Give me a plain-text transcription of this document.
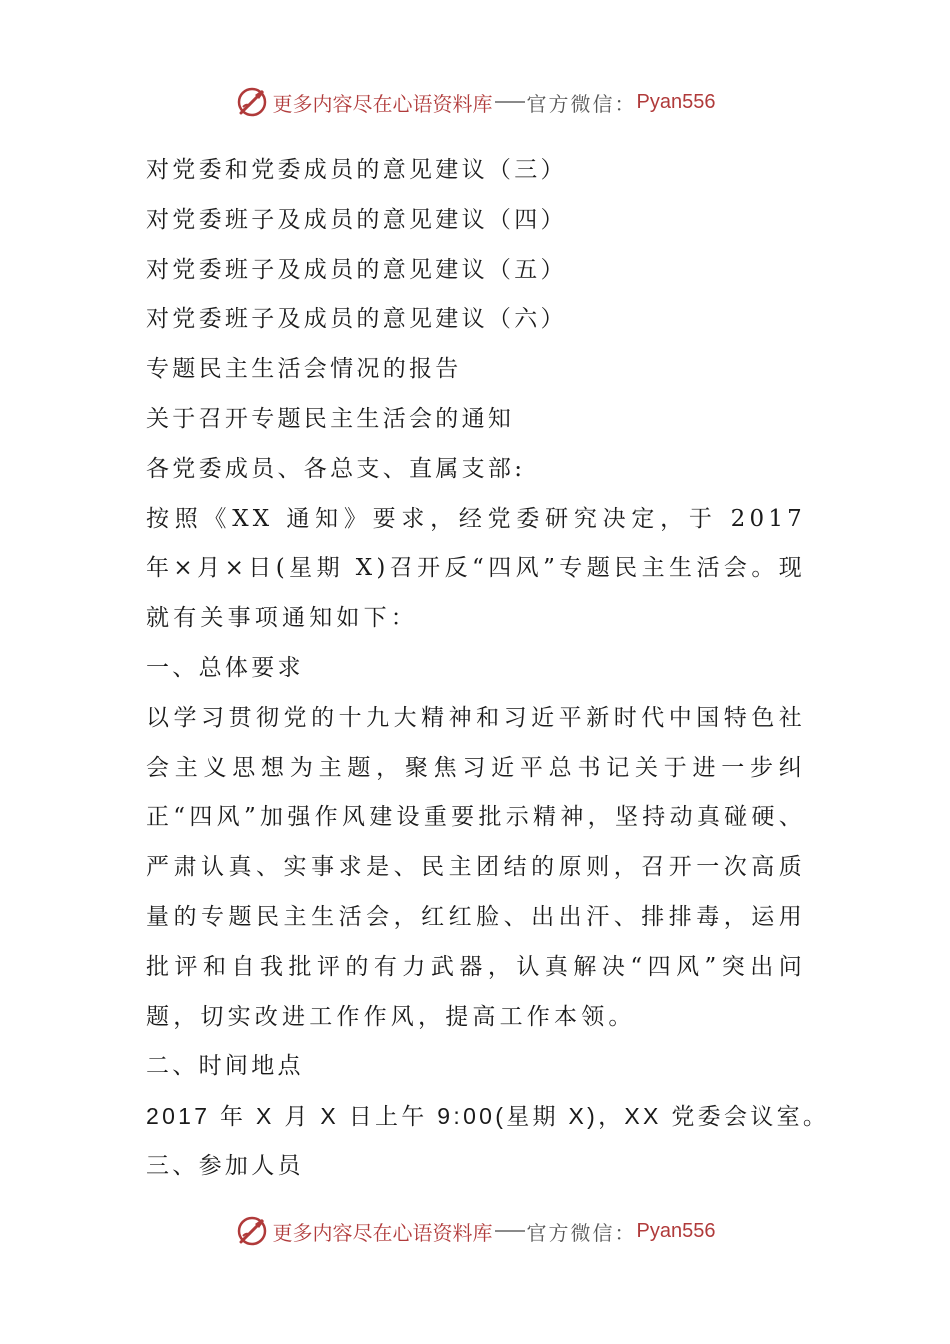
更多内容尽在心语资料库 官方微信： Pyan556
对党委和党委成员的意见建议（三）
对党委班子及成员的意见建议（四）
对党委班子及成员的意见建议（五）
对党委班子及成员的意见建议（六）
专题民主生活会情况的报告
关于召开专题民主生活会的通知
各党委成员、各总支、直属支部:
按照《XX 通知》要求，经党委研究决定，于 2017 年×月×日(星期 X)召开反“四风”专题民主生活会。现就有关事项通知如下：
一、总体要求
以学习贯彻党的十九大精神和习近平新时代中国特色社会主义思想为主题，聚焦习近平总书记关于进一步纠正“四风”加强作风建设重要批示精神，坚持动真碰硬、严肃认真、实事求是、民主团结的原则，召开一次高质量的专题民主生活会，红红脸、出出汗、排排毒，运用批评和自我批评的有力武器，认真解决“四风”突出问题，切实改进工作作风，提高工作本领。
二、时间地点
2017 年 X 月 X 日上午 9:00(星期 X)，XX 党委会议室。
三、参加人员
更多内容尽在心语资料库 官方微信： Pyan556
